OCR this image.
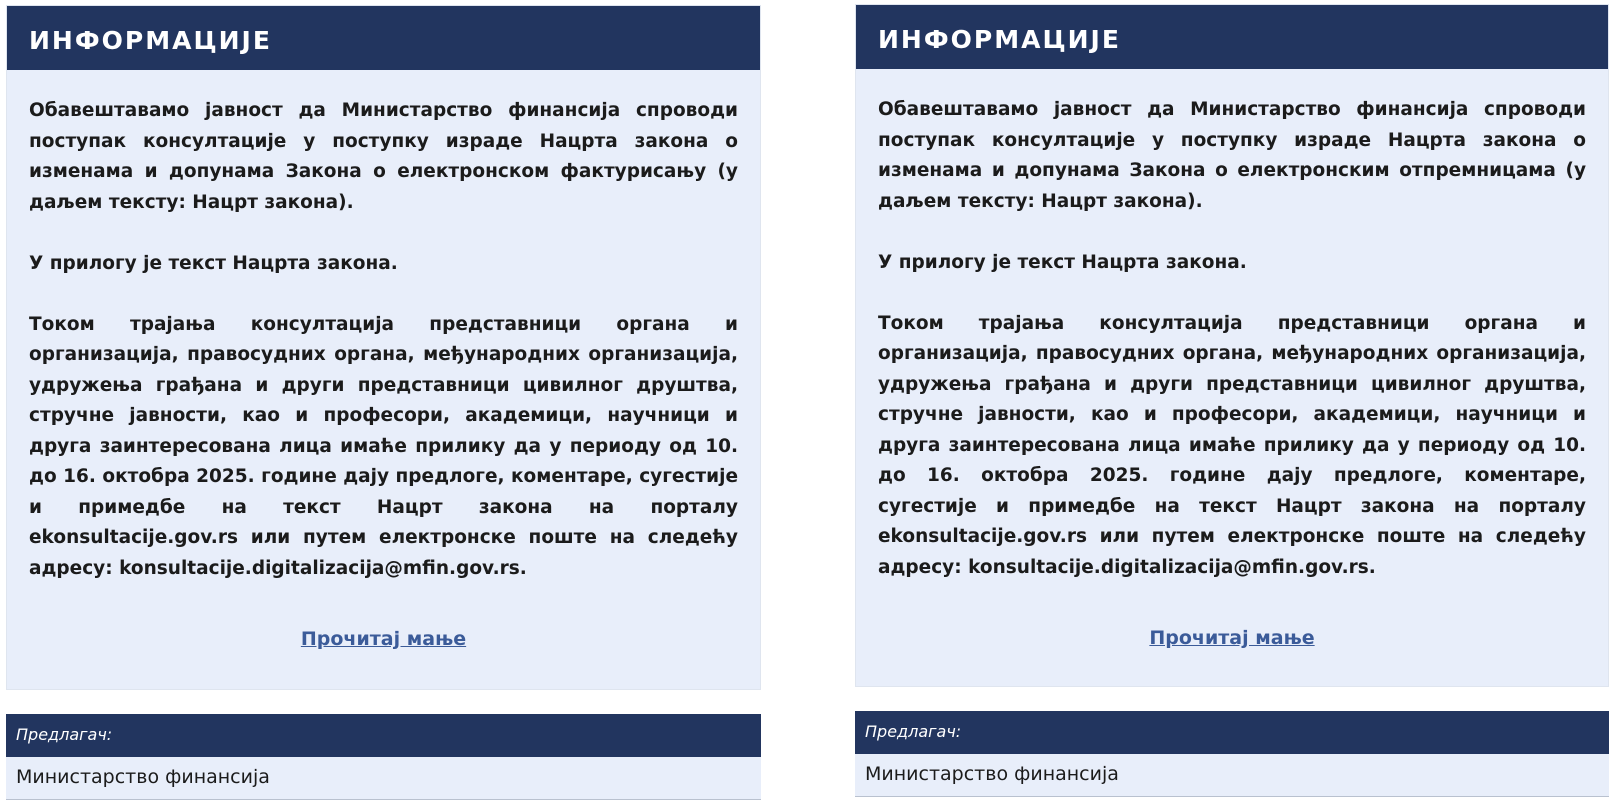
ИНФОРМАЦИЈЕ

Обавештавамо јавност да Министарство финансија спроводи поступак консултације у поступку израде Нацрта закона о изменама и допунама Закона о електронском фактурисању (у даљем тексту: Нацрт закона).

У прилогу је текст Нацрта закона.

Током трајања консултација представници органа и организација, правосудних органа, међународних организација, удружења грађана и други представници цивилног друштва, стручне јавности, као и професори, академици, научници и друга заинтересована лица имаће прилику да у периоду од 10. до 16. октобра 2025. године дају предлоге, коментаре, сугестије и примедбе на текст Нацрт закона на порталу ekonsultacije.gov.rs или путем електронске поште на следећу адресу: konsultacije.digitalizacija@mfin.gov.rs.

Прочитај мање
Предлагач:
Министарство финансија
ИНФОРМАЦИЈЕ

Обавештавамо јавност да Министарство финансија спроводи поступак консултације у поступку израде Нацрта закона о изменама и допунама Закона о електронским отпремницама (у даљем тексту: Нацрт закона).

У прилогу је текст Нацрта закона.

Током трајања консултација представници органа и организација, правосудних органа, међународних организација, удружења грађана и други представници цивилног друштва, стручне јавности, као и професори, академици, научници и друга заинтересована лица имаће прилику да у периоду од 10. до 16. октобра 2025. године дају предлоге, коментаре, сугестије и примедбе на текст Нацрт закона на порталу ekonsultacije.gov.rs или путем електронске поште на следећу адресу: konsultacije.digitalizacija@mfin.gov.rs.

Прочитај мање
Предлагач:
Министарство финансија
